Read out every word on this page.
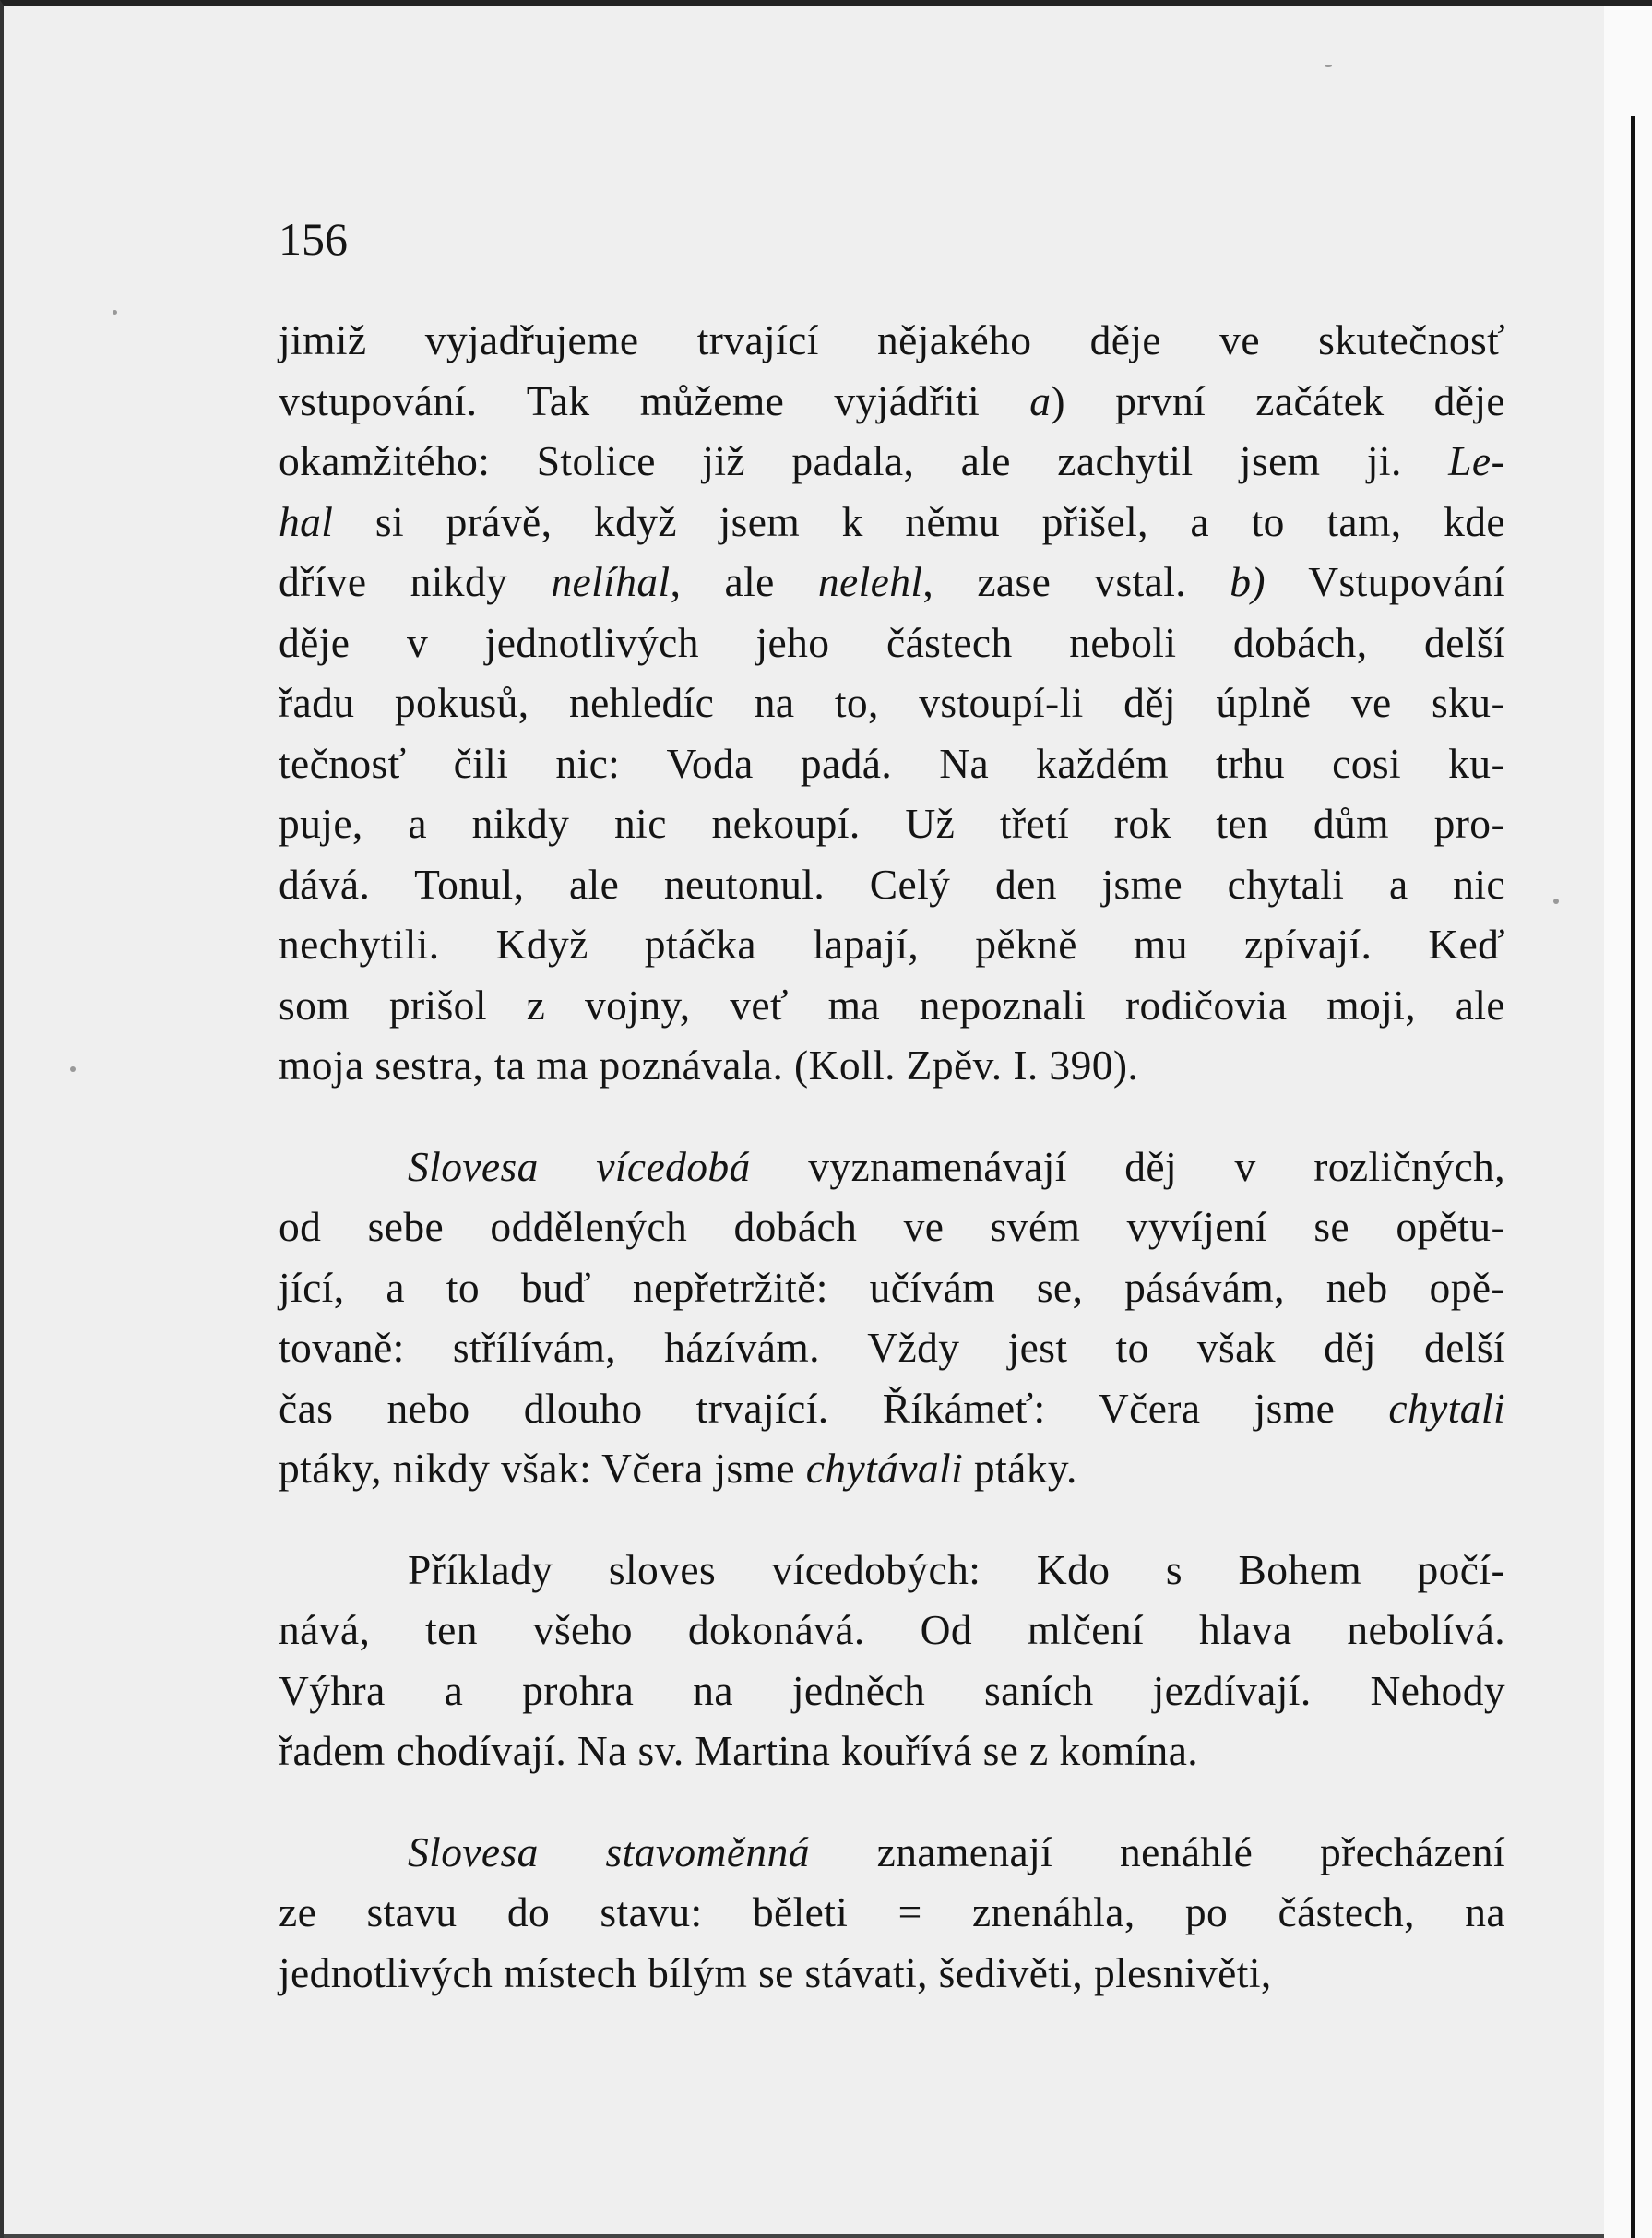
156

jimiž vyjadřujeme trvající nějakého děje ve skutečnosť
vstupování. Tak můžeme vyjádřiti a) první začátek děje
okamžitého: Stolice již padala, ale zachytil jsem ji. Le-
hal si právě, když jsem k němu přišel, a to tam, kde
dříve nikdy nelíhal, ale nelehl, zase vstal. b) Vstupování
děje v jednotlivých jeho částech neboli dobách, delší
řadu pokusů, nehledíc na to, vstoupí-li děj úplně ve sku-
tečnosť čili nic: Voda padá. Na každém trhu cosi ku-
puje, a nikdy nic nekoupí. Už třetí rok ten dům pro-
dává. Tonul, ale neutonul. Celý den jsme chytali a nic
nechytili. Když ptáčka lapají, pěkně mu zpívají. Keď
som prišol z vojny, veť ma nepoznali rodičovia moji, ale
moja sestra, ta ma poznávala. (Koll. Zpěv. I. 390).

Slovesa vícedobá vyznamenávají děj v rozličných,
od sebe oddělených dobách ve svém vyvíjení se opětu-
jící, a to buď nepřetržitě: učívám se, pásávám, neb opě-
tovaně: střílívám, házívám. Vždy jest to však děj delší
čas nebo dlouho trvající. Říkámeť: Včera jsme chytali
ptáky, nikdy však: Včera jsme chytávali ptáky.

Příklady sloves vícedobých: Kdo s Bohem počí-
nává, ten všeho dokonává. Od mlčení hlava nebolívá.
Výhra a prohra na jedněch saních jezdívají. Nehody
řadem chodívají. Na sv. Martina kouřívá se z komína.

Slovesa stavoměnná znamenají nenáhlé přecházení
ze stavu do stavu: běleti = znenáhla, po částech, na
jednotlivých místech bílým se stávati, šedivěti, plesnivěti,
